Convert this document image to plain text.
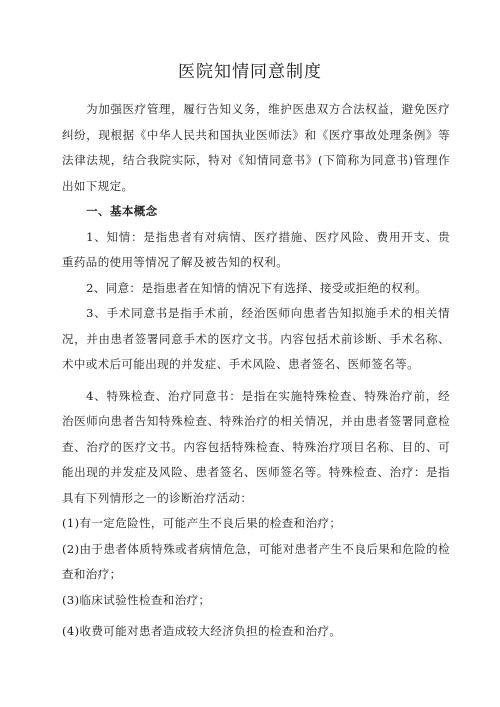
医院知情同意制度

为加强医疗管理，履行告知义务，维护医患双方合法权益，避免医疗纠纷，现根据《中华人民共和国执业医师法》和《医疗事故处理条例》等法律法规，结合我院实际，特对《知情同意书》(下简称为同意书)管理作出如下规定。

一、基本概念

1、知情：是指患者有对病情、医疗措施、医疗风险、费用开支、贵重药品的使用等情况了解及被告知的权利。

2、同意：是指患者在知情的情况下有选择、接受或拒绝的权利。

3、手术同意书是指手术前，经治医师向患者告知拟施手术的相关情况，并由患者签署同意手术的医疗文书。内容包括术前诊断、手术名称、术中或术后可能出现的并发症、手术风险、患者签名、医师签名等。

4、特殊检查、治疗同意书：是指在实施特殊检查、特殊治疗前，经治医师向患者告知特殊检查、特殊治疗的相关情况，并由患者签署同意检查、治疗的医疗文书。内容包括特殊检查、特殊治疗项目名称、目的、可能出现的并发症及风险、患者签名、医师签名等。特殊检查、治疗：是指具有下列情形之一的诊断治疗活动：

(1)有一定危险性，可能产生不良后果的检查和治疗；

(2)由于患者体质特殊或者病情危急，可能对患者产生不良后果和危险的检查和治疗；

(3)临床试验性检查和治疗；

(4)收费可能对患者造成较大经济负担的检查和治疗。
